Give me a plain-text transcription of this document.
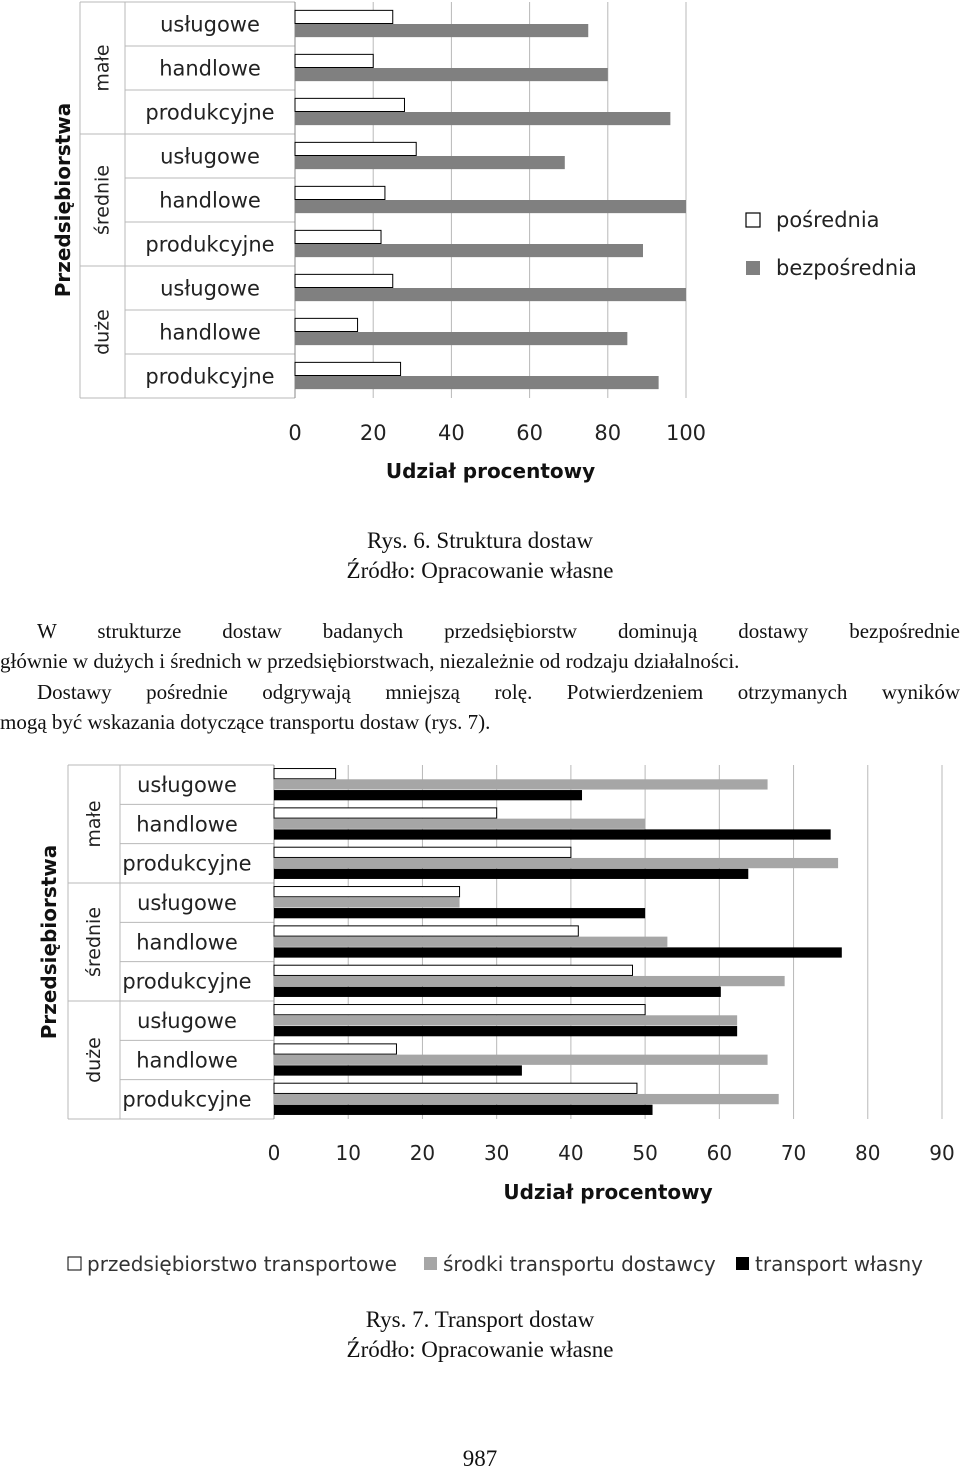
usługowe
handlowe
produkcyjne
usługowe
handlowe
produkcyjne
usługowe
handlowe
produkcyjne
małe
średnie
duże
Przedsiębiorstwa
0	20 40 60 80 100
Udział procentowy
pośrednia
bezpośrednia
Rys. 6. Struktura dostaw
Źródło: Opracowanie własne

W strukturze dostaw badanych przedsiębiorstw dominują dostawy bezpośrednie
głównie w dużych i średnich w przedsiębiorstwach, niezależnie od rodzaju działalności.

Dostawy pośrednie odgrywają mniejszą rolę. Potwierdzeniem otrzymanych wyników
mogą być wskazania dotyczące transportu dostaw (rys. 7).

usługowe
handlowe
produkcyjne
usługowe
handlowe
produkcyjne
usługowe
handlowe
produkcyjne
małe
średnie
duże
Przedsiębiorstwa
0	10 20 30 40 50 60 70 80 90
Udział procentowy
przedsiębiorstwo transportowe środki transportu dostawcy transport własny
Rys. 7. Transport dostaw
Źródło: Opracowanie własne
987
